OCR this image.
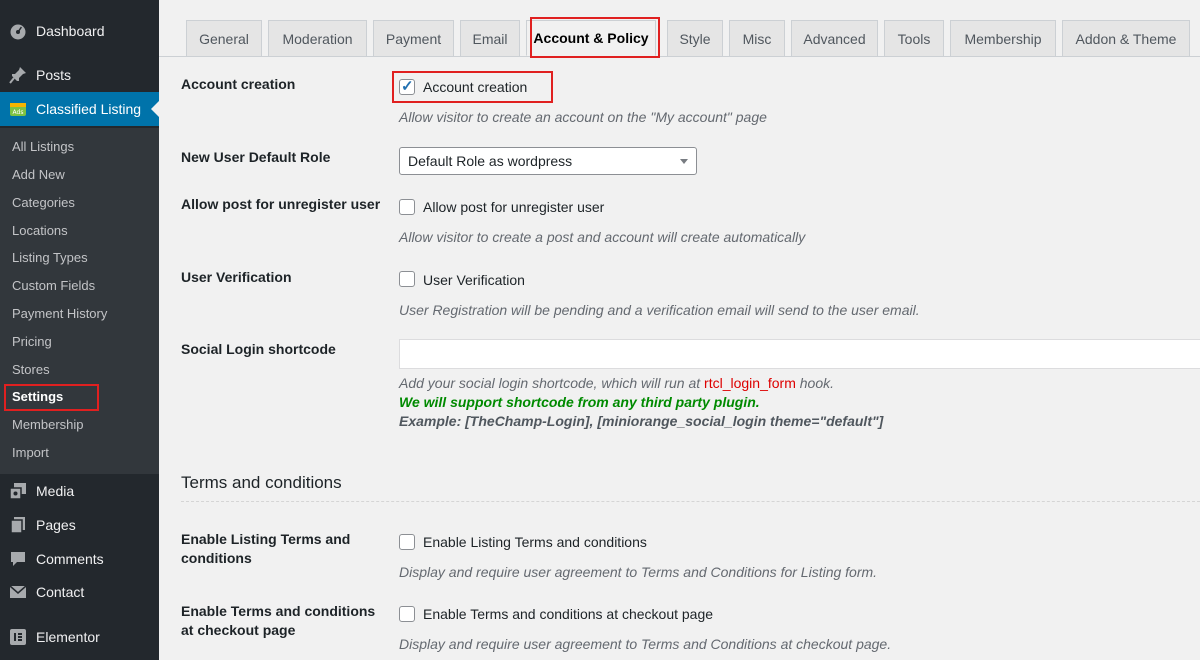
Dashboard
Posts
Ads Classified Listing
All Listings
Add New
Categories
Locations
Listing Types
Custom Fields
Payment History
Pricing
Stores
Settings
Membership
Import
Media
Pages
Comments
Contact
Elementor
General	Moderation	Payment	Email	Account & Policy	Style	Misc	Advanced	Tools	Membership	Addon & Theme
Account creation
✓	Account creation
Allow visitor to create an account on the "My account" page
New User Default Role	Default Role as wordpress
Allow post for unregister user	Allow post for unregister user
Allow visitor to create a post and account will create automatically
User Verification	User Verification
User Registration will be pending and a verification email will send to the user email.
Social Login shortcode
Add your social login shortcode, which will run at rtcl_login_form hook.
We will support shortcode from any third party plugin.
Example: [TheChamp-Login], [miniorange_social_login theme="default"]
Terms and conditions
Enable Listing Terms and conditions
Enable Listing Terms and conditions
Display and require user agreement to Terms and Conditions for Listing form.
Enable Terms and conditions at checkout page
Enable Terms and conditions at checkout page
Display and require user agreement to Terms and Conditions at checkout page.
